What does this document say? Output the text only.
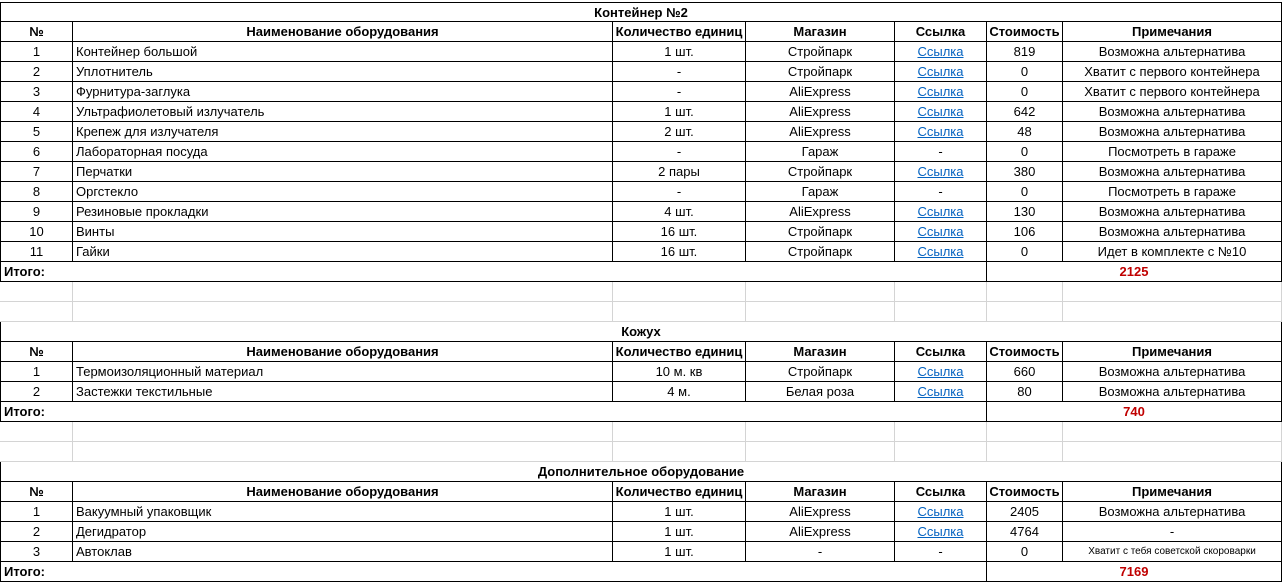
Контейнер №2
№	Наименование оборудования	Количество единиц	Магазин	Ссылка	Стоимость	Примечания
1	Контейнер большой	1 шт.	Стройпарк	Ссылка	819	Возможна альтернатива
2	Уплотнитель	-	Стройпарк	Ссылка	0	Хватит с первого контейнера
3	Фурнитура-заглука	-	AliExpress	Ссылка	0	Хватит с первого контейнера
4	Ультрафиолетовый излучатель	1 шт.	AliExpress	Ссылка	642	Возможна альтернатива
5	Крепеж для излучателя	2 шт.	AliExpress	Ссылка	48	Возможна альтернатива
6	Лабораторная посуда	-	Гараж	-	0	Посмотреть в гараже
7	Перчатки	2 пары	Стройпарк	Ссылка	380	Возможна альтернатива
8	Оргстекло	-	Гараж	-	0	Посмотреть в гараже
9	Резиновые прокладки	4 шт.	AliExpress	Ссылка	130	Возможна альтернатива
10	Винты	16 шт.	Стройпарк	Ссылка	106	Возможна альтернатива
11	Гайки	16 шт.	Стройпарк	Ссылка	0	Идет в комплекте с №10
Итого:	2125
Кожух
№	Наименование оборудования	Количество единиц	Магазин	Ссылка	Стоимость	Примечания
1	Термоизоляционный материал	10 м. кв	Стройпарк	Ссылка	660	Возможна альтернатива
2	Застежки текстильные	4 м.	Белая роза	Ссылка	80	Возможна альтернатива
Итого:	740
Дополнительное оборудование
№	Наименование оборудования	Количество единиц	Магазин	Ссылка	Стоимость	Примечания
1	Вакуумный упаковщик	1 шт.	AliExpress	Ссылка	2405	Возможна альтернатива
2	Дегидратор	1 шт.	AliExpress	Ссылка	4764	-
3	Автоклав	1 шт.	-	-	0	Хватит с тебя советской скороварки
Итого:	7169
